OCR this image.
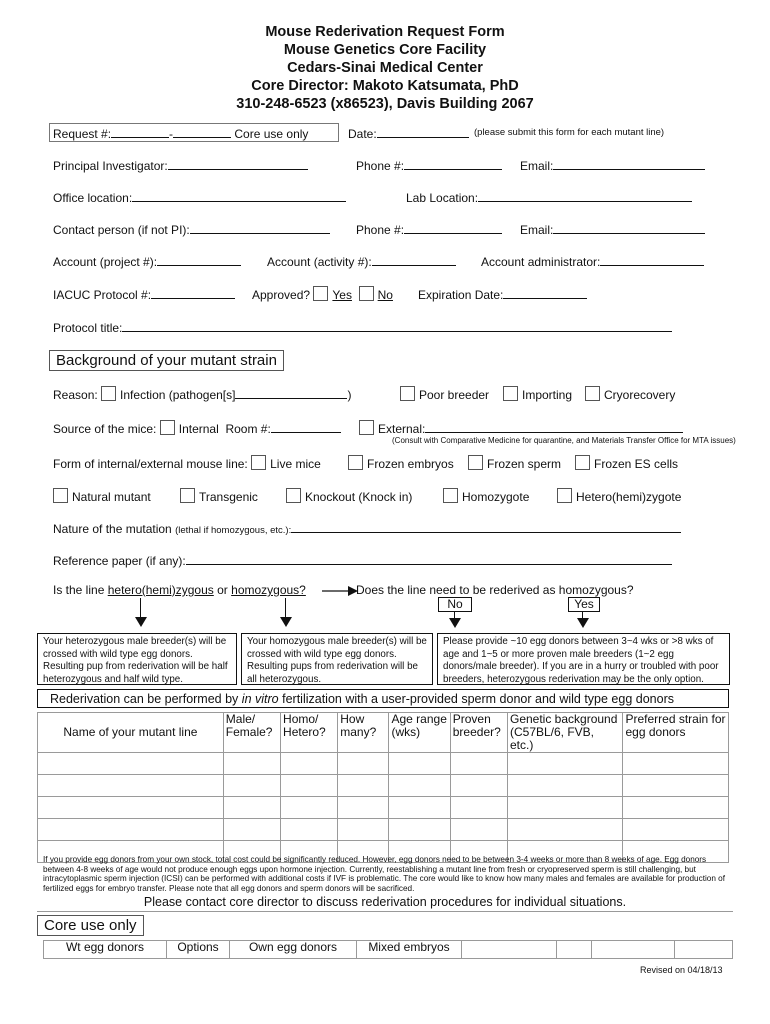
Mouse Rederivation Request Form
Mouse Genetics Core Facility
Cedars-Sinai Medical Center
Core Director: Makoto Katsumata, PhD
310-248-6523 (x86523), Davis Building 2067
Request #:	-	Core use only	Date:	(please submit this form for each mutant line)
Principal Investigator:	Phone #:	Email:
Office location:	Lab Location:
Contact person (if not PI):	Phone #:	Email:
Account (project #):	Account (activity #):	Account administrator:
IACUC Protocol #:	Approved? Yes No Expiration Date:
Protocol title:
Background of your mutant strain
Reason: Infection (pathogen[s]	)	Poor breeder	Importing	Cryorecovery
Source of the mice: Internal Room #:	External:
(Consult with Comparative Medicine for quarantine, and Materials Transfer Office for MTA issues)
Form of internal/external mouse line: Live mice	Frozen embryos	Frozen sperm	Frozen ES cells
Natural mutant	Transgenic	Knockout (Knock in)	Homozygote	Hetero(hemi)zygote
Nature of the mutation (lethal if homozygous, etc.):
Reference paper (if any):
Is the line hetero(hemi)zygous or homozygous?	Does the line need to be rederived as homozygous?
No	Yes
Your heterozygous male breeder(s) will be crossed with wild type egg donors. Resulting pup from rederivation will be half heterozygous and half wild type.
Your homozygous male breeder(s) will be crossed with wild type egg donors. Resulting pups from rederivation will be all heterozygous.
Please provide ~10 egg donors between 3~4 wks or >8 wks of age and 1~5 or more proven male breeders (1~2 egg donors/male breeder). If you are in a hurry or troubled with poor breeders, heterozygous rederivation may be the only option.
Rederivation can be performed by in vitro fertilization with a user-provided sperm donor and wild type egg donors
Name of your mutant line	Male/ Female?	Homo/ Hetero?	How many?	Age range (wks)	Proven breeder?	Genetic background (C57BL/6, FVB, etc.)	Preferred strain for egg donors

If you provide egg donors from your own stock, total cost could be significantly reduced. However, egg donors need to be between 3-4 weeks or more than 8 weeks of age. Egg donors between 4-8 weeks of age would not produce enough eggs upon hormone injection. Currently, reestablishing a mutant line from fresh or cryopreserved sperm is still challenging, but intracytoplasmic sperm injection (ICSI) can be performed with additional costs if IVF is problematic. The core would like to know how many males and females are available for production of fertilized eggs for embryo transfer. Please note that all egg donors and sperm donors will be sacrificed.
Please contact core director to discuss rederivation procedures for individual situations.
Core use only
Wt egg donors	Options	Own egg donors	Mixed embryos				
Revised on 04/18/13
